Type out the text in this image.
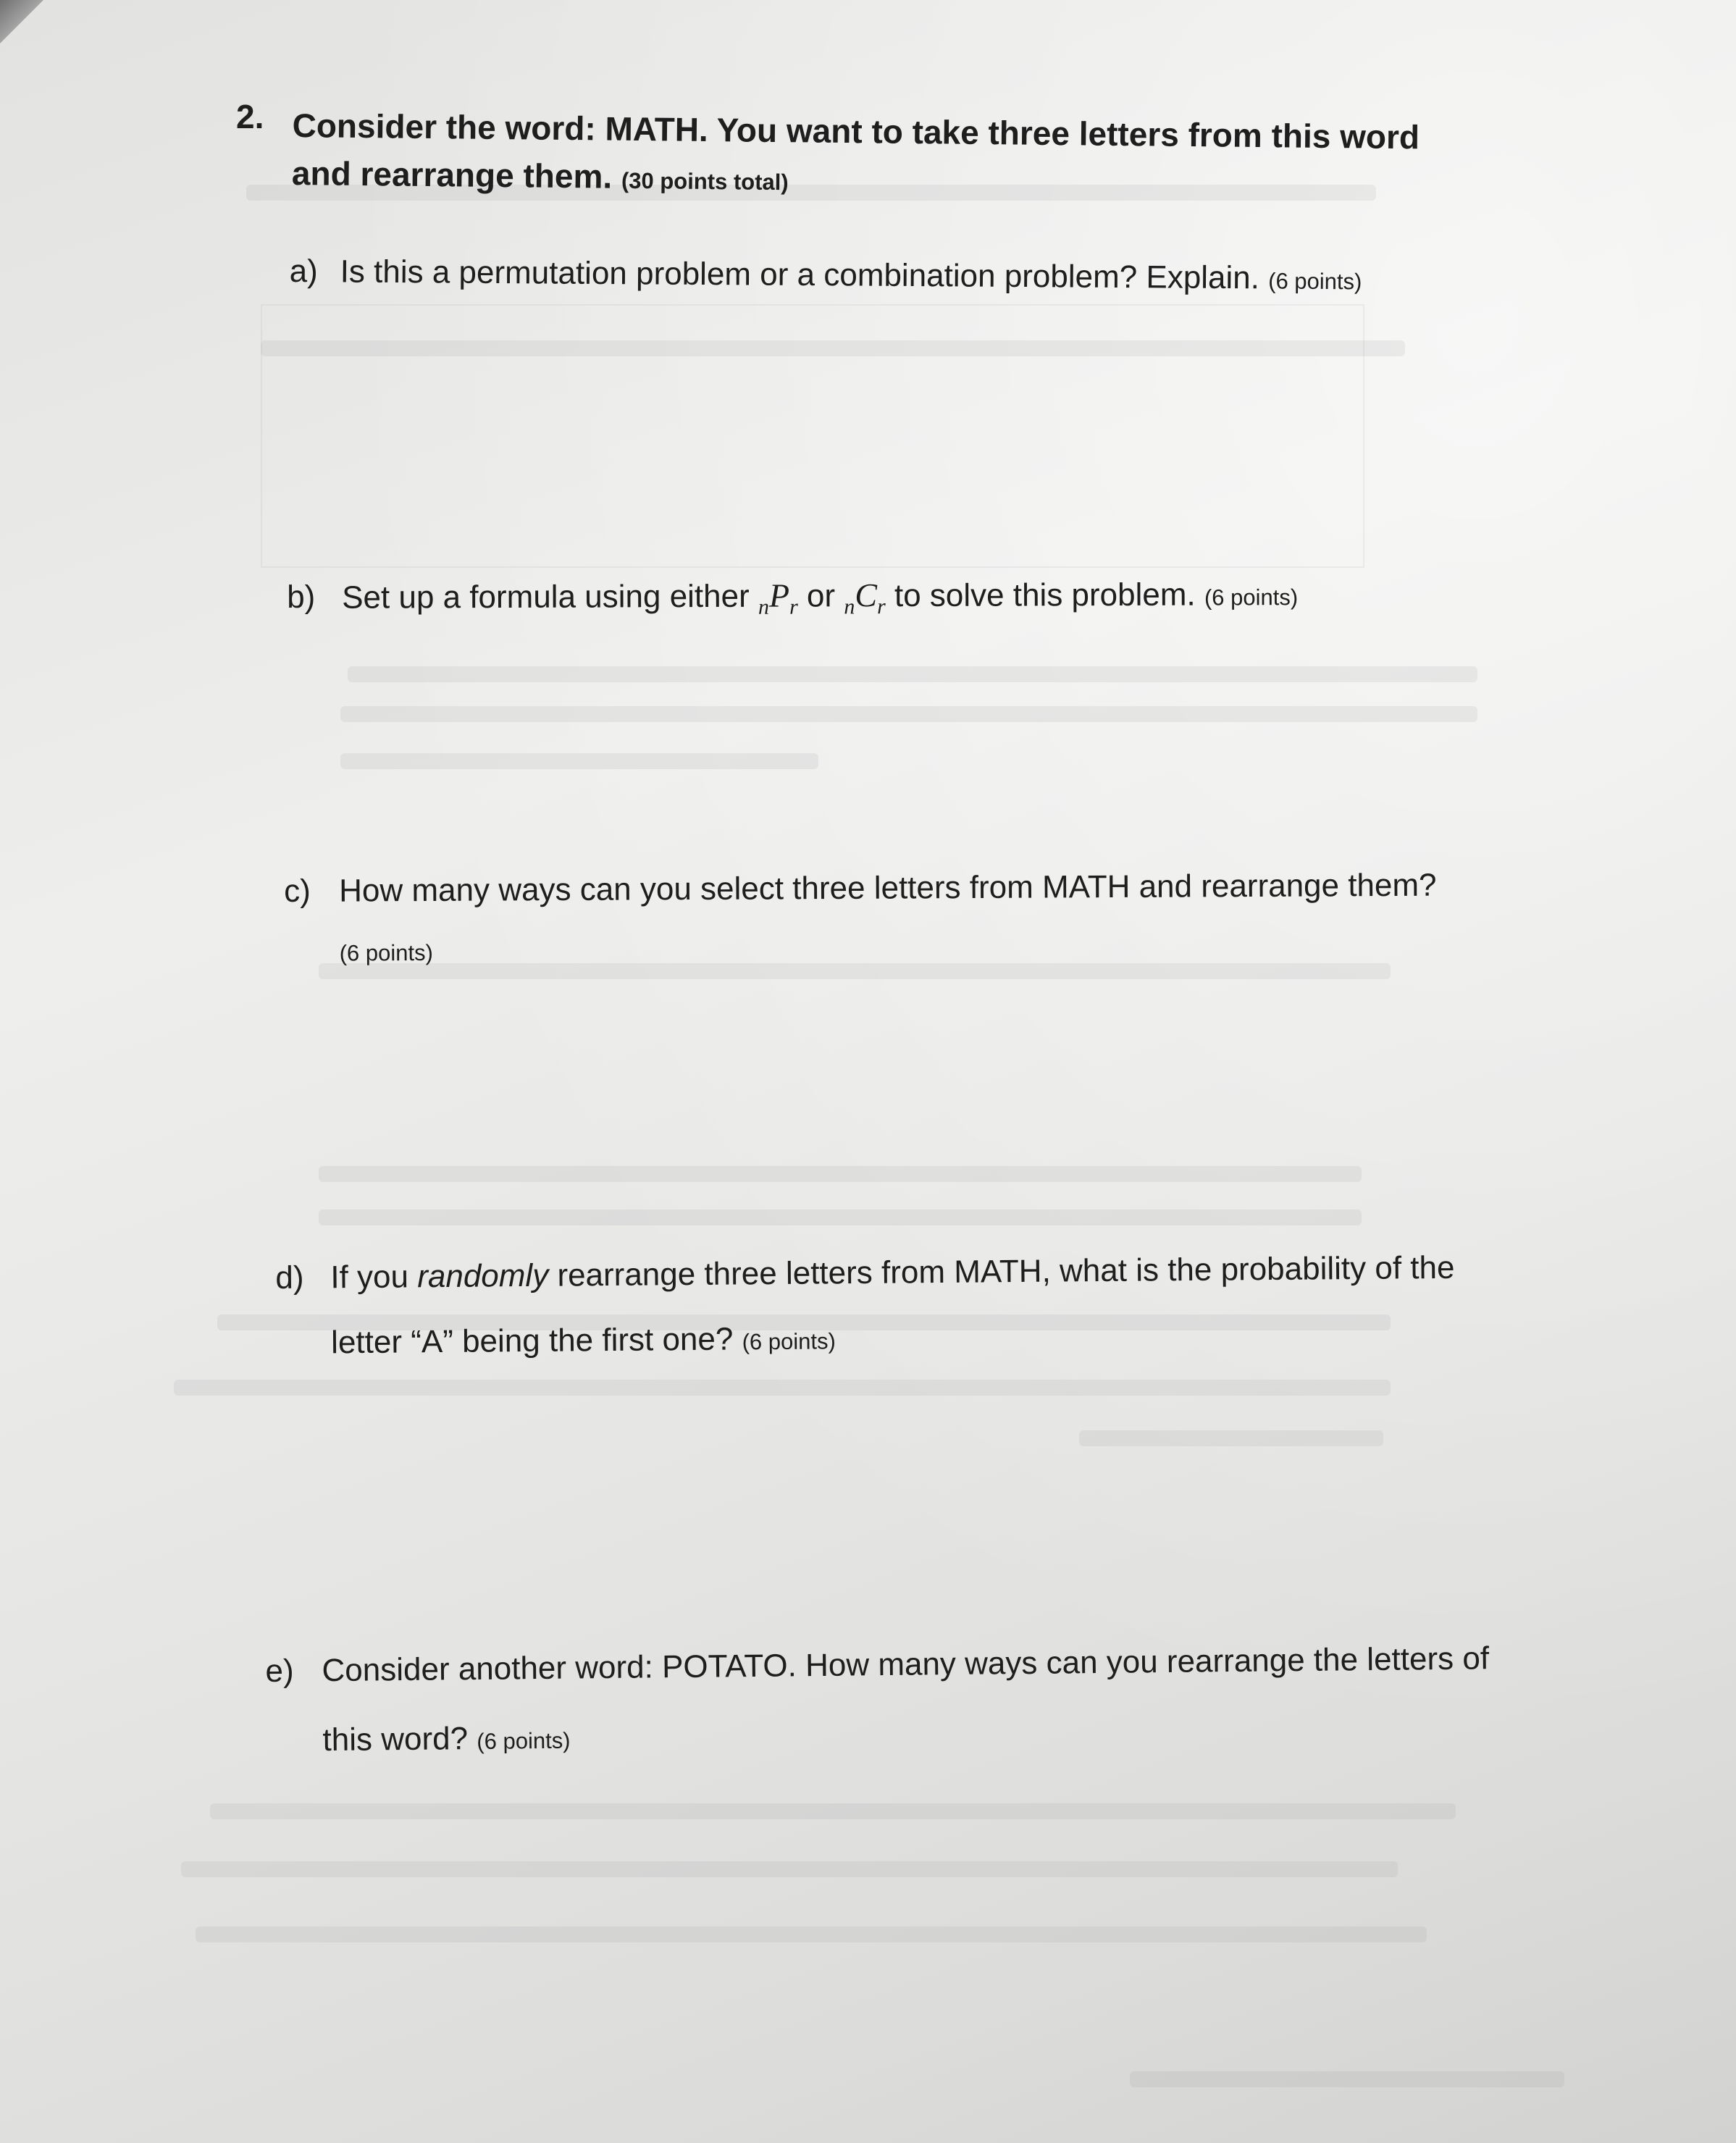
2. Consider the word: MATH. You want to take three letters from this word and rearrange them. (30 points total)
a) Is this a permutation problem or a combination problem? Explain. (6 points)
b) Set up a formula using either $_nP_r$ or $_nC_r$ to solve this problem. (6 points)
c) How many ways can you select three letters from MATH and rearrange them?
(6 points)
d) If you randomly rearrange three letters from MATH, what is the probability of the letter “A” being the first one? (6 points)
e) Consider another word: POTATO. How many ways can you rearrange the letters of this word? (6 points)
